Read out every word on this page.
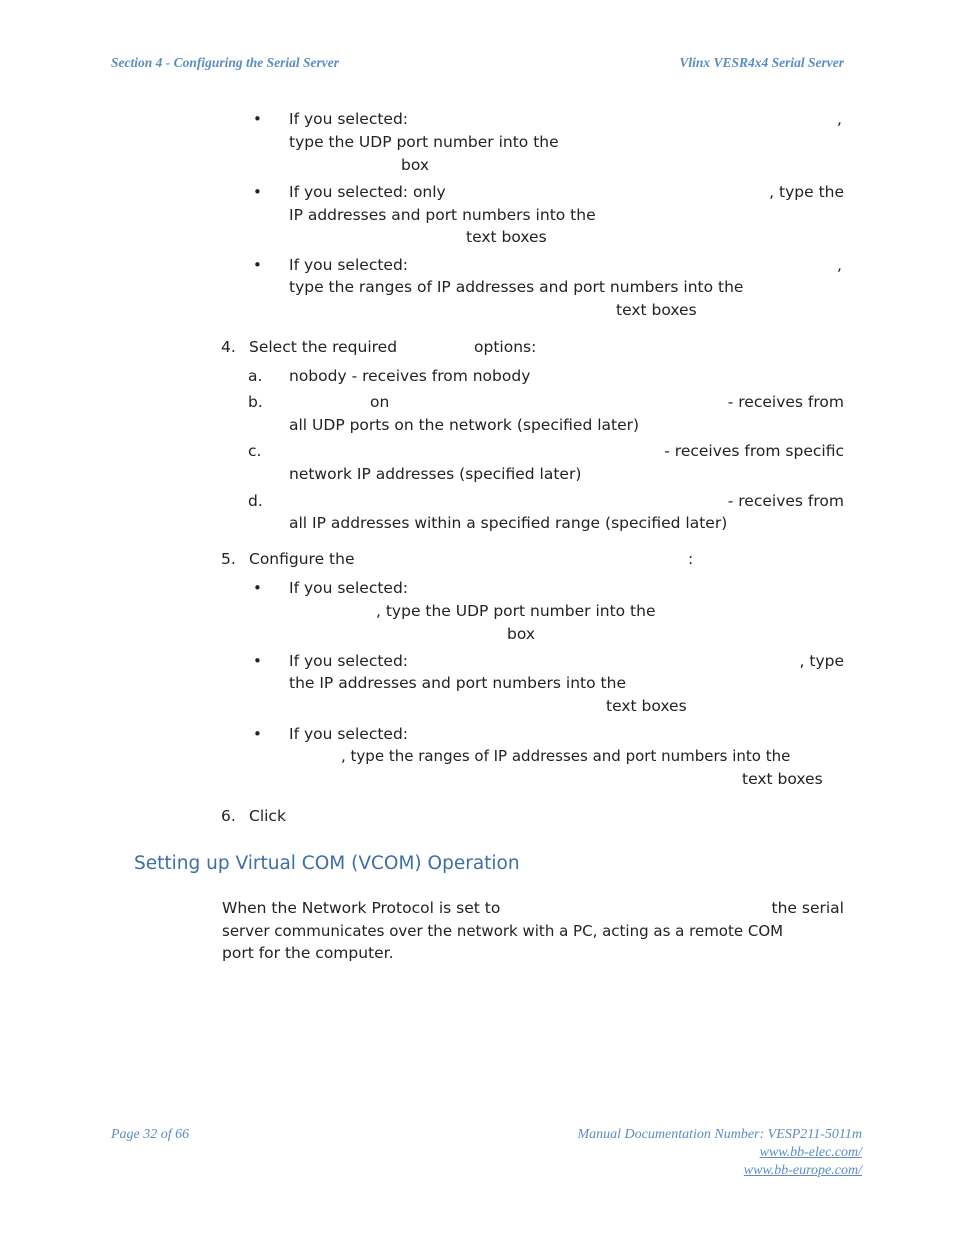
Section 4 - Configuring the Serial Server	Vlinx VESR4x4 Serial Server
• If you selected:	,
type the UDP port number into the
box
• If you selected: only	, type the
IP addresses and port numbers into the
text boxes
• If you selected:	,
type the ranges of IP addresses and port numbers into the
text boxes
4. Select the required	options:
a. nobody - receives from nobody
b.	on	- receives from
all UDP ports on the network (specified later)
c.	- receives from specific
network IP addresses (specified later)
d.	- receives from
all IP addresses within a specified range (specified later)
5. Configure the	:
• If you selected:
, type the UDP port number into the
box
• If you selected:	, type
the IP addresses and port numbers into the
text boxes
• If you selected:
, type the ranges of IP addresses and port numbers into the
text boxes
6. Click
Setting up Virtual COM (VCOM) Operation
When the Network Protocol is set to	the serial
server communicates over the network with a PC, acting as a remote COM
port for the computer.
Page 32 of 66	Manual Documentation Number: VESP211-5011m
www.bb-elec.com/
www.bb-europe.com/
